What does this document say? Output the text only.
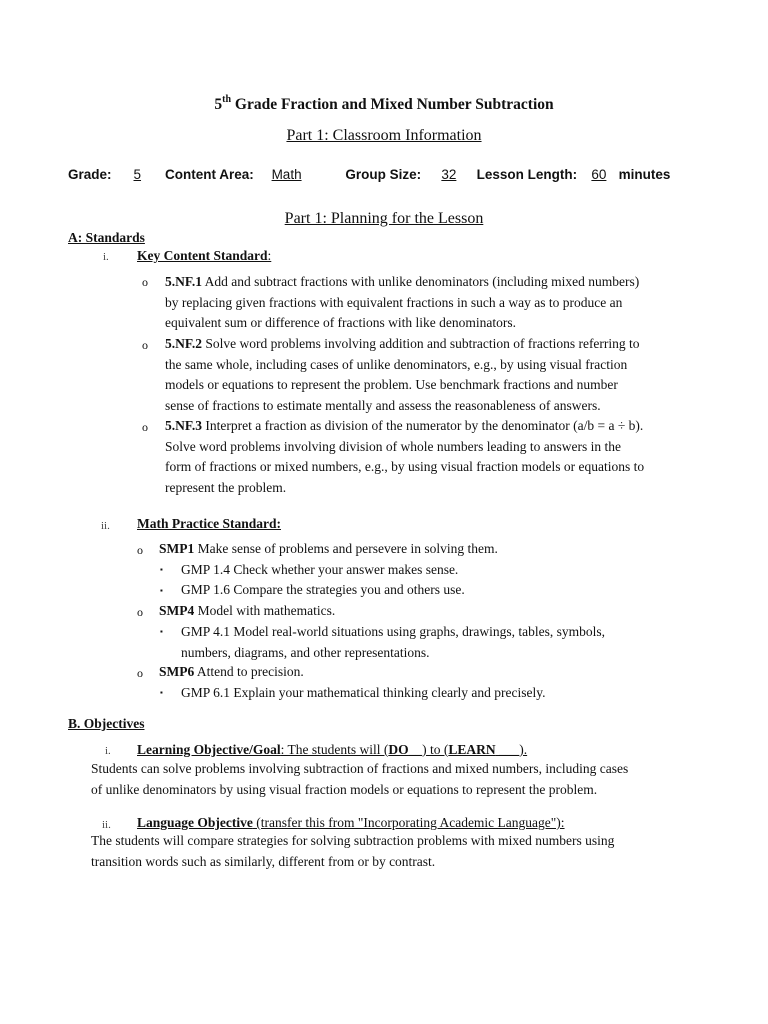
5th Grade Fraction and Mixed Number Subtraction
Part 1: Classroom Information
Grade: 5 Content Area: Math	Group Size: 32 Lesson Length: 60 minutes
Part 1: Planning for the Lesson
A: Standards
i. Key Content Standard:
o 5.NF.1 Add and subtract fractions with unlike denominators (including mixed numbers)
by replacing given fractions with equivalent fractions in such a way as to produce an
equivalent sum or difference of fractions with like denominators.
o 5.NF.2 Solve word problems involving addition and subtraction of fractions referring to
the same whole, including cases of unlike denominators, e.g., by using visual fraction
models or equations to represent the problem. Use benchmark fractions and number
sense of fractions to estimate mentally and assess the reasonableness of answers.
o 5.NF.3 Interpret a fraction as division of the numerator by the denominator (a/b = a ÷ b).
Solve word problems involving division of whole numbers leading to answers in the
form of fractions or mixed numbers, e.g., by using visual fraction models or equations to
represent the problem.
ii. Math Practice Standard:
o SMP1 Make sense of problems and persevere in solving them.
▪ GMP 1.4 Check whether your answer makes sense.
▪ GMP 1.6 Compare the strategies you and others use.
o SMP4 Model with mathematics.
▪ GMP 4.1 Model real-world situations using graphs, drawings, tables, symbols,
numbers, diagrams, and other representations.
o SMP6 Attend to precision.
▪ GMP 6.1 Explain your mathematical thinking clearly and precisely.
B. Objectives
i. Learning Objective/Goal: The students will (DO__) to (LEARN ___).
Students can solve problems involving subtraction of fractions and mixed numbers, including cases
of unlike denominators by using visual fraction models or equations to represent the problem.
ii. Language Objective (transfer this from "Incorporating Academic Language"):
The students will compare strategies for solving subtraction problems with mixed numbers using
transition words such as similarly, different from or by contrast.
